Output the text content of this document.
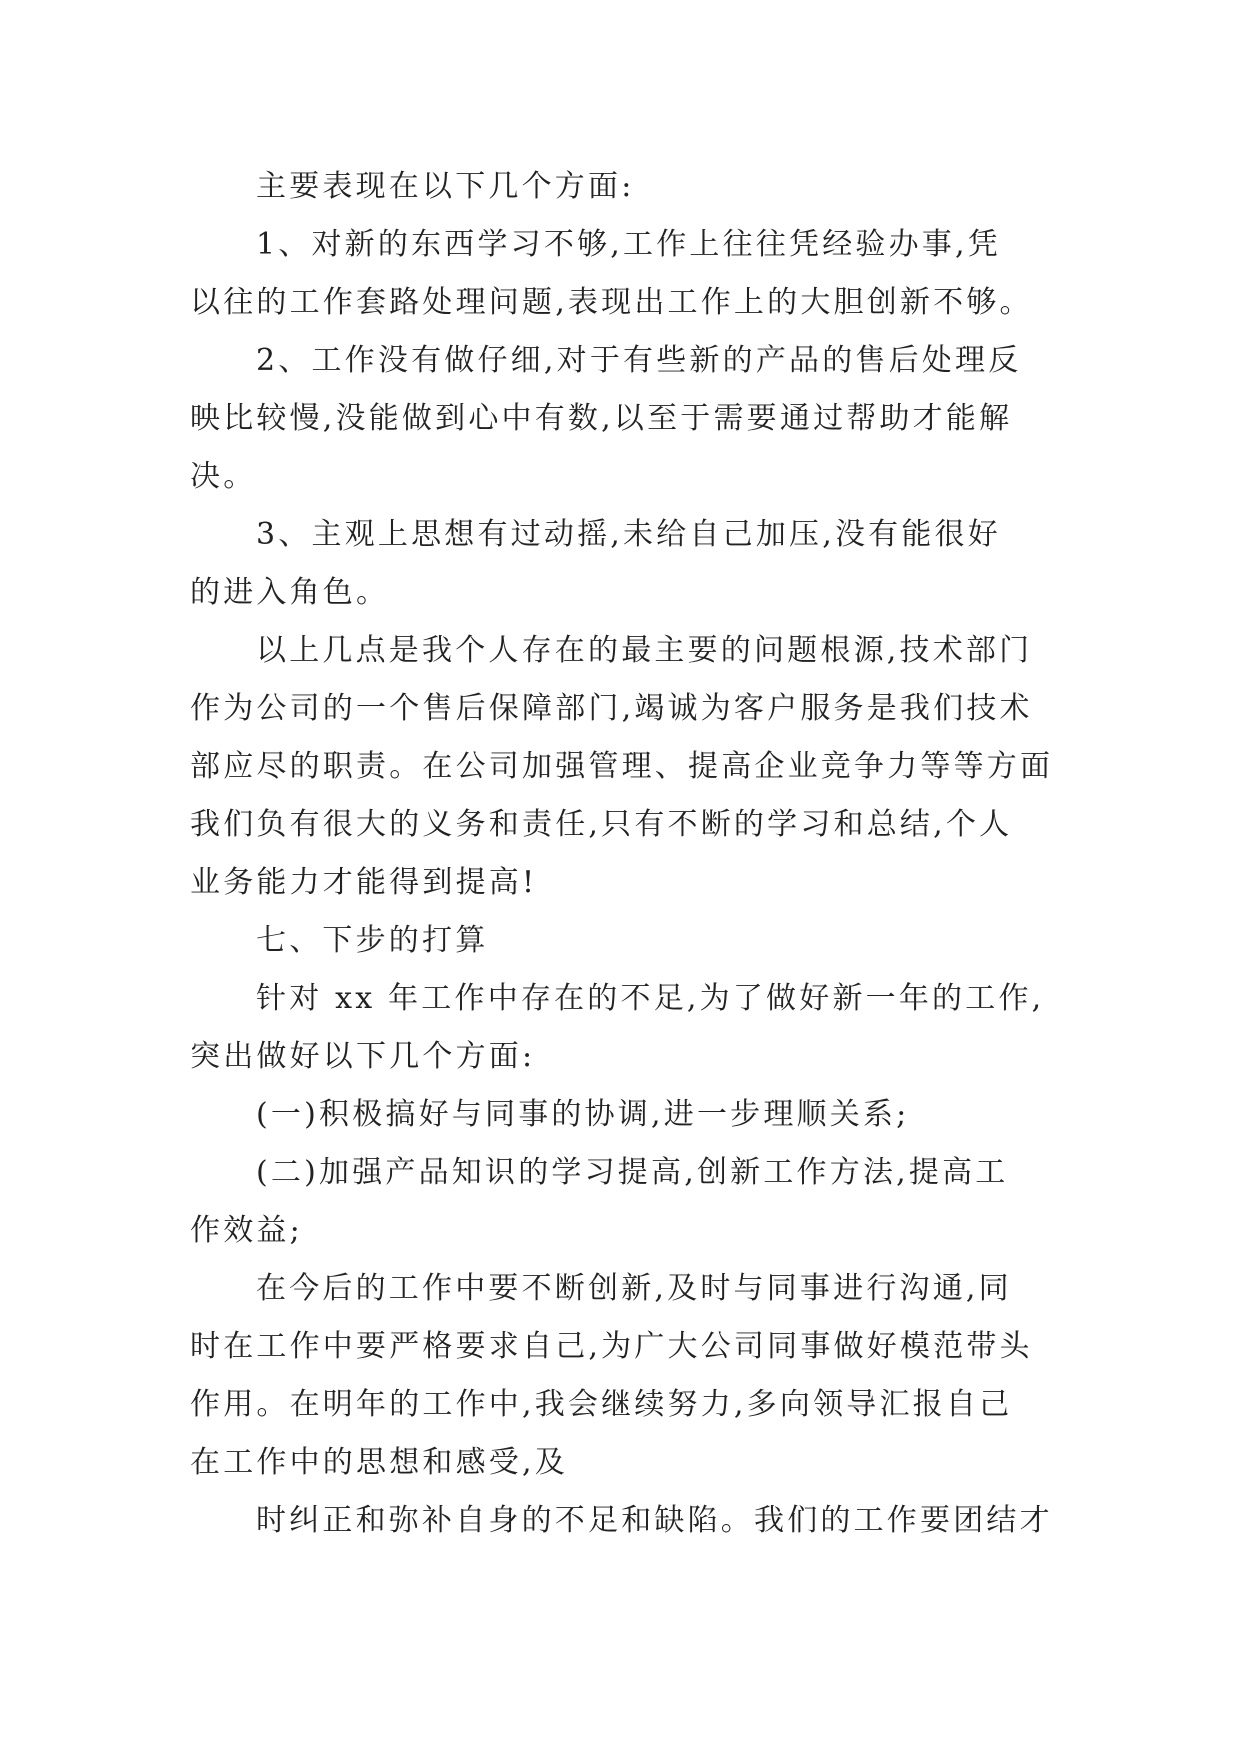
主要表现在以下几个方面:
1、对新的东西学习不够,工作上往往凭经验办事,凭
以往的工作套路处理问题,表现出工作上的大胆创新不够。
2、工作没有做仔细,对于有些新的产品的售后处理反
映比较慢,没能做到心中有数,以至于需要通过帮助才能解
决。
3、主观上思想有过动摇,未给自己加压,没有能很好
的进入角色。
以上几点是我个人存在的最主要的问题根源,技术部门
作为公司的一个售后保障部门,竭诚为客户服务是我们技术
部应尽的职责。在公司加强管理、提高企业竞争力等等方面
我们负有很大的义务和责任,只有不断的学习和总结,个人
业务能力才能得到提高!
七、下步的打算
针对 xx 年工作中存在的不足,为了做好新一年的工作,
突出做好以下几个方面:
(一)积极搞好与同事的协调,进一步理顺关系;
(二)加强产品知识的学习提高,创新工作方法,提高工
作效益;
在今后的工作中要不断创新,及时与同事进行沟通,同
时在工作中要严格要求自己,为广大公司同事做好模范带头
作用。在明年的工作中,我会继续努力,多向领导汇报自己
在工作中的思想和感受,及
时纠正和弥补自身的不足和缺陷。我们的工作要团结才
